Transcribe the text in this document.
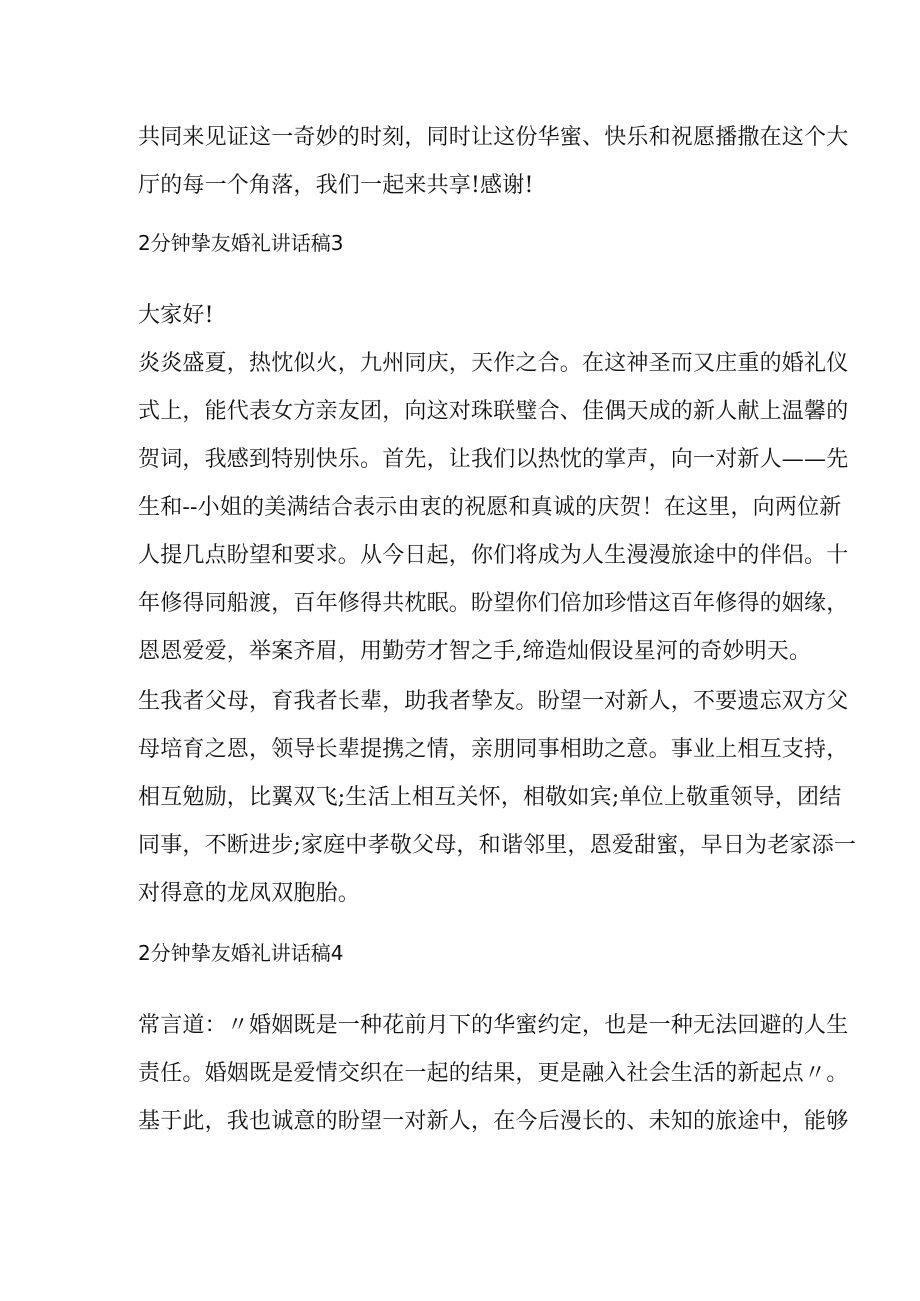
共同来见证这一奇妙的时刻，同时让这份华蜜、快乐和祝愿播撒在这个大
厅的每一个角落，我们一起来共享!感谢!
2分钟挚友婚礼讲话稿3
大家好!
炎炎盛夏，热忱似火，九州同庆，天作之合。在这神圣而又庄重的婚礼仪
式上，能代表女方亲友团，向这对珠联璧合、佳偶天成的新人献上温馨的
贺词，我感到特别快乐。首先，让我们以热忱的掌声，向一对新人——先
生和--小姐的美满结合表示由衷的祝愿和真诚的庆贺！在这里，向两位新
人提几点盼望和要求。从今日起，你们将成为人生漫漫旅途中的伴侣。十
年修得同船渡，百年修得共枕眠。盼望你们倍加珍惜这百年修得的姻缘，
恩恩爱爱，举案齐眉，用勤劳才智之手,缔造灿假设星河的奇妙明天。
生我者父母，育我者长辈，助我者挚友。盼望一对新人，不要遗忘双方父
母培育之恩，领导长辈提携之情，亲朋同事相助之意。事业上相互支持，
相互勉励，比翼双飞;生活上相互关怀，相敬如宾;单位上敬重领导，团结
同事，不断进步;家庭中孝敬父母，和谐邻里，恩爱甜蜜，早日为老家添一
对得意的龙凤双胞胎。
2分钟挚友婚礼讲话稿4
常言道：〃婚姻既是一种花前月下的华蜜约定，也是一种无法回避的人生
责任。婚姻既是爱情交织在一起的结果，更是融入社会生活的新起点〃。
基于此，我也诚意的盼望一对新人，在今后漫长的、未知的旅途中，能够
